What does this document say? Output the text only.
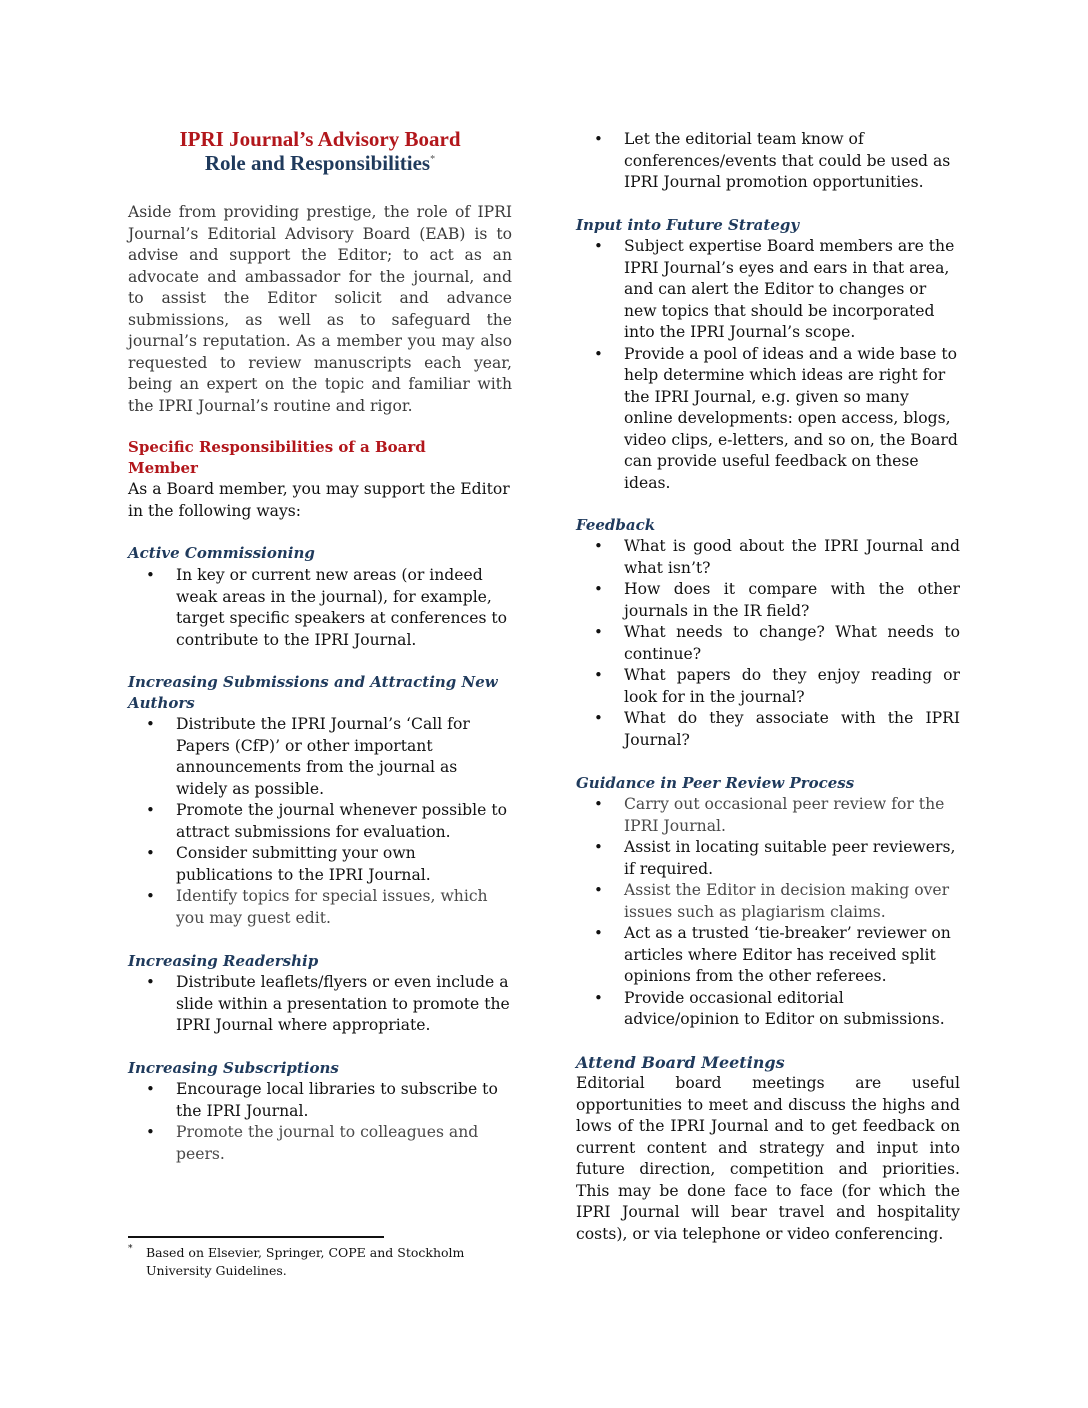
IPRI Journal’s Advisory Board
Role and Responsibilities*

Aside from providing prestige, the role of IPRI Journal’s Editorial Advisory Board (EAB) is to advise and support the Editor; to act as an advocate and ambassador for the journal, and to assist the Editor solicit and advance submissions, as well as to safeguard the journal’s reputation. As a member you may also requested to review manuscripts each year, being an expert on the topic and familiar with the IPRI Journal’s routine and rigor.

Specific Responsibilities of a Board Member

As a Board member, you may support the Editor in the following ways:

Active Commissioning
• In key or current new areas (or indeed weak areas in the journal), for example, target specific speakers at conferences to contribute to the IPRI Journal.
Increasing Submissions and Attracting New Authors
• Distribute the IPRI Journal’s ‘Call for Papers (CfP)’ or other important announcements from the journal as widely as possible.
• Promote the journal whenever possible to attract submissions for evaluation.
• Consider submitting your own publications to the IPRI Journal.
• Identify topics for special issues, which you may guest edit.
Increasing Readership
• Distribute leaflets/flyers or even include a slide within a presentation to promote the IPRI Journal where appropriate.
Increasing Subscriptions
• Encourage local libraries to subscribe to the IPRI Journal.
• Promote the journal to colleagues and peers.
*	Based on Elsevier, Springer, COPE and Stockholm University Guidelines.
• Let the editorial team know of conferences/events that could be used as IPRI Journal promotion opportunities.
Input into Future Strategy
• Subject expertise Board members are the IPRI Journal’s eyes and ears in that area, and can alert the Editor to changes or new topics that should be incorporated into the IPRI Journal’s scope.
• Provide a pool of ideas and a wide base to help determine which ideas are right for the IPRI Journal, e.g. given so many online developments: open access, blogs, video clips, e-letters, and so on, the Board can provide useful feedback on these ideas.
Feedback
• What is good about the IPRI Journal and what isn’t?
• How does it compare with the other journals in the IR field?
• What needs to change? What needs to continue?
• What papers do they enjoy reading or look for in the journal?
• What do they associate with the IPRI Journal?
Guidance in Peer Review Process
• Carry out occasional peer review for the IPRI Journal.
• Assist in locating suitable peer reviewers, if required.
• Assist the Editor in decision making over issues such as plagiarism claims.
• Act as a trusted ‘tie-breaker’ reviewer on articles where Editor has received split opinions from the other referees.
• Provide occasional editorial advice/opinion to Editor on submissions.
Attend Board Meetings

Editorial board meetings are useful opportunities to meet and discuss the highs and lows of the IPRI Journal and to get feedback on current content and strategy and input into future direction, competition and priorities. This may be done face to face (for which the IPRI Journal will bear travel and hospitality costs), or via telephone or video conferencing.
